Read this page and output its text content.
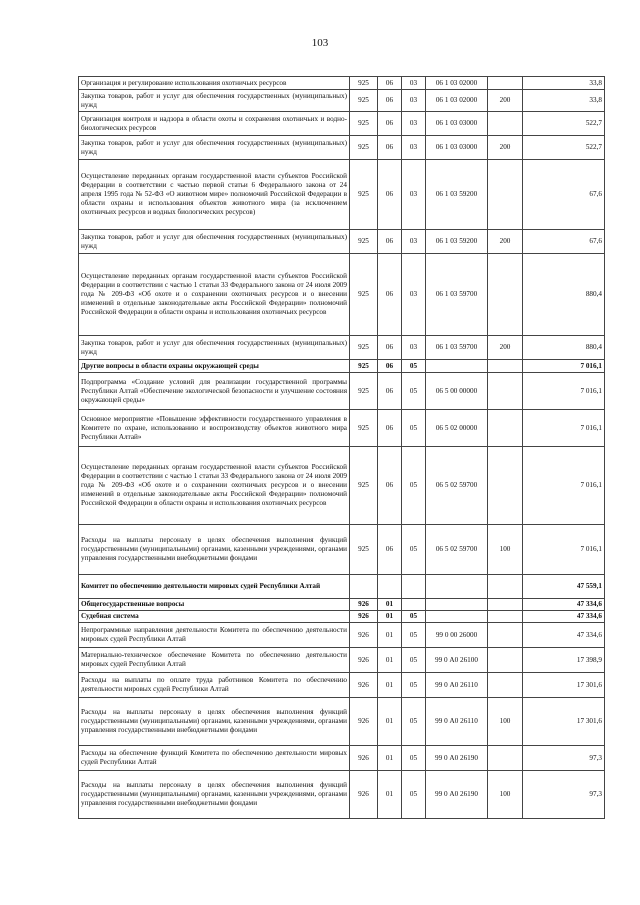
103
Организация и регулирование использования охотничьих ресурсов	925	06	03	06 1 03 02000		33,8
Закупка товаров, работ и услуг для обеспечения государственных (муниципальных) нужд	925	06	03	06 1 03 02000	200	33,8
Организация контроля и надзора в области охоты и сохранения охотничьих и водно-биологических ресурсов	925	06	03	06 1 03 03000		522,7
Закупка товаров, работ и услуг для обеспечения государственных (муниципальных) нужд	925	06	03	06 1 03 03000	200	522,7
Осуществление переданных органам государственной власти субъектов Российской Федерации в соответствии с частью первой статьи 6 Федерального закона от 24 апреля 1995 года № 52-ФЗ «О животном мире» полномочий Российской Федерации в области охраны и использования объектов животного мира (за исключением охотничьих ресурсов и водных биологических ресурсов)	925	06	03	06 1 03 59200		67,6
Закупка товаров, работ и услуг для обеспечения государственных (муниципальных) нужд	925	06	03	06 1 03 59200	200	67,6
Осуществление переданных органам государственной власти субъектов Российской Федерации в соответствии с частью 1 статьи 33 Федерального закона от 24 июля 2009 года № 209-ФЗ «Об охоте и о сохранении охотничьих ресурсов и о внесении изменений в отдельные законодательные акты Российской Федерации» полномочий Российской Федерации в области охраны и использования охотничьих ресурсов	925	06	03	06 1 03 59700		880,4
Закупка товаров, работ и услуг для обеспечения государственных (муниципальных) нужд	925	06	03	06 1 03 59700	200	880,4
Другие вопросы в области охраны окружающей среды	925	06	05			7 016,1
Подпрограмма «Создание условий для реализации государственной программы Республики Алтай «Обеспечение экологической безопасности и улучшение состояния окружающей среды»	925	06	05	06 5 00 00000		7 016,1
Основное мероприятие «Повышение эффективности государственного управления в Комитете по охране, использованию и воспроизводству объектов животного мира Республики Алтай»	925	06	05	06 5 02 00000		7 016,1
Осуществление переданных органам государственной власти субъектов Российской Федерации в соответствии с частью 1 статьи 33 Федерального закона от 24 июля 2009 года № 209-ФЗ «Об охоте и о сохранении охотничьих ресурсов и о внесении изменений в отдельные законодательные акты Российской Федерации» полномочий Российской Федерации в области охраны и использования охотничьих ресурсов	925	06	05	06 5 02 59700		7 016,1
Расходы на выплаты персоналу в целях обеспечения выполнения функций государственными (муниципальными) органами, казенными учреждениями, органами управления государственными внебюджетными фондами	925	06	05	06 5 02 59700	100	7 016,1
Комитет по обеспечению деятельности мировых судей Республики Алтай						47 559,1
Общегосударственные вопросы	926	01				47 334,6
Судебная система	926	01	05			47 334,6
Непрограммные направления деятельности Комитета по обеспечению деятельности мировых судей Республики Алтай	926	01	05	99 0 00 26000		47 334,6
Материально-техническое обеспечение Комитета по обеспечению деятельности мировых судей Республики Алтай	926	01	05	99 0 А0 26100		17 398,9
Расходы на выплаты по оплате труда работников Комитета по обеспечению деятельности мировых судей Республики Алтай	926	01	05	99 0 А0 26110		17 301,6
Расходы на выплаты персоналу в целях обеспечения выполнения функций государственными (муниципальными) органами, казенными учреждениями, органами управления государственными внебюджетными фондами	926	01	05	99 0 А0 26110	100	17 301,6
Расходы на обеспечение функций Комитета по обеспечению деятельности мировых судей Республики Алтай	926	01	05	99 0 А0 26190		97,3
Расходы на выплаты персоналу в целях обеспечения выполнения функций государственными (муниципальными) органами, казенными учреждениями, органами управления государственными внебюджетными фондами	926	01	05	99 0 А0 26190	100	97,3
